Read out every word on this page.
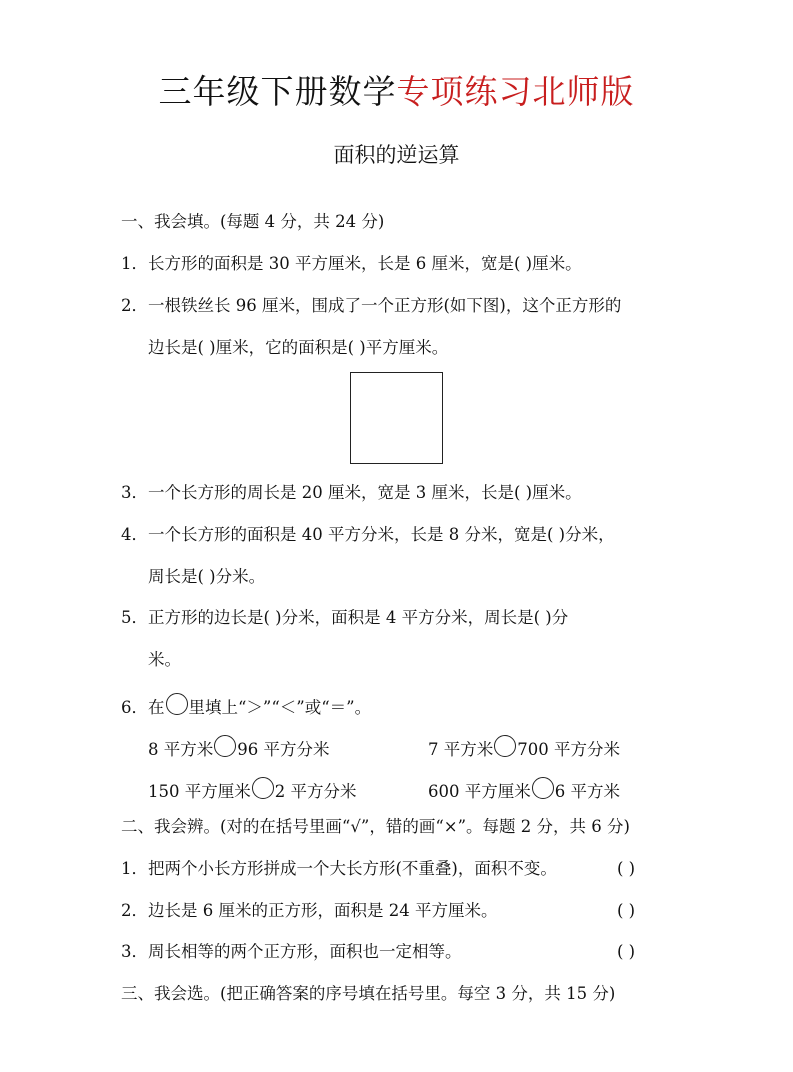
三年级下册数学专项练习北师版
面积的逆运算
一、我会填。(每题 4 分，共 24 分)
1．长方形的面积是 30 平方厘米，长是 6 厘米，宽是( )厘米。
2．一根铁丝长 96 厘米，围成了一个正方形(如下图)，这个正方形的
边长是( )厘米，它的面积是( )平方厘米。
3．一个长方形的周长是 20 厘米，宽是 3 厘米，长是( )厘米。
4．一个长方形的面积是 40 平方分米，长是 8 分米，宽是( )分米，
周长是( )分米。
5．正方形的边长是( )分米，面积是 4 平方分米，周长是( )分
米。
6．在 里填上“＞”“＜”或“＝”。
8 平方米 96 平方分米	7 平方米 700 平方分米
150 平方厘米 2 平方分米	600 平方厘米 6 平方米
二、我会辨。(对的在括号里画“√”，错的画“×”。每题 2 分，共 6 分)
1．把两个小长方形拼成一个大长方形(不重叠)，面积不变。	( )
2．边长是 6 厘米的正方形，面积是 24 平方厘米。	( )
3．周长相等的两个正方形，面积也一定相等。	( )
三、我会选。(把正确答案的序号填在括号里。每空 3 分，共 15 分)
